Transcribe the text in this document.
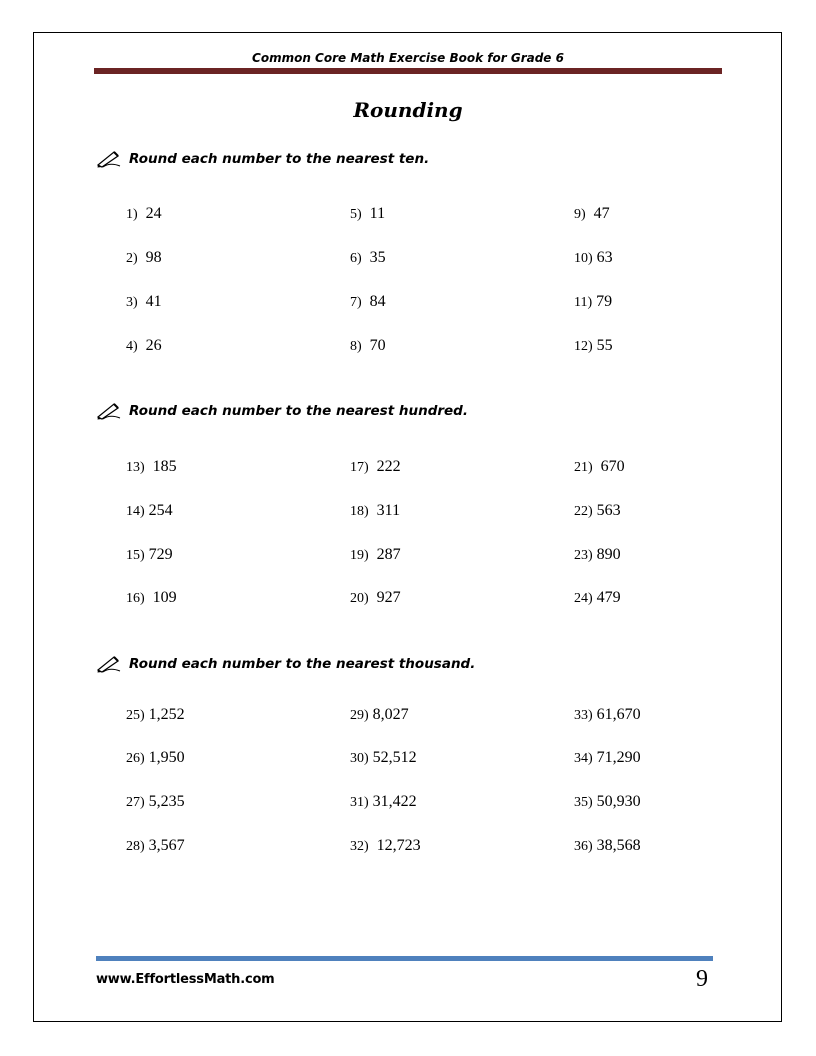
Common Core Math Exercise Book for Grade 6
Rounding
Round each number to the nearest ten.
1) 24
2) 98
3) 41
4) 26
5) 11
6) 35
7) 84
8) 70
9) 47
10) 63
11) 79
12) 55
Round each number to the nearest hundred.
13) 185
14) 254
15) 729
16) 109
17) 222
18) 311
19) 287
20) 927
21) 670
22) 563
23) 890
24) 479
Round each number to the nearest thousand.
25) 1,252
26) 1,950
27) 5,235
28) 3,567
29) 8,027
30) 52,512
31) 31,422
32) 12,723
33) 61,670
34) 71,290
35) 50,930
36) 38,568
www.EffortlessMath.com	9
